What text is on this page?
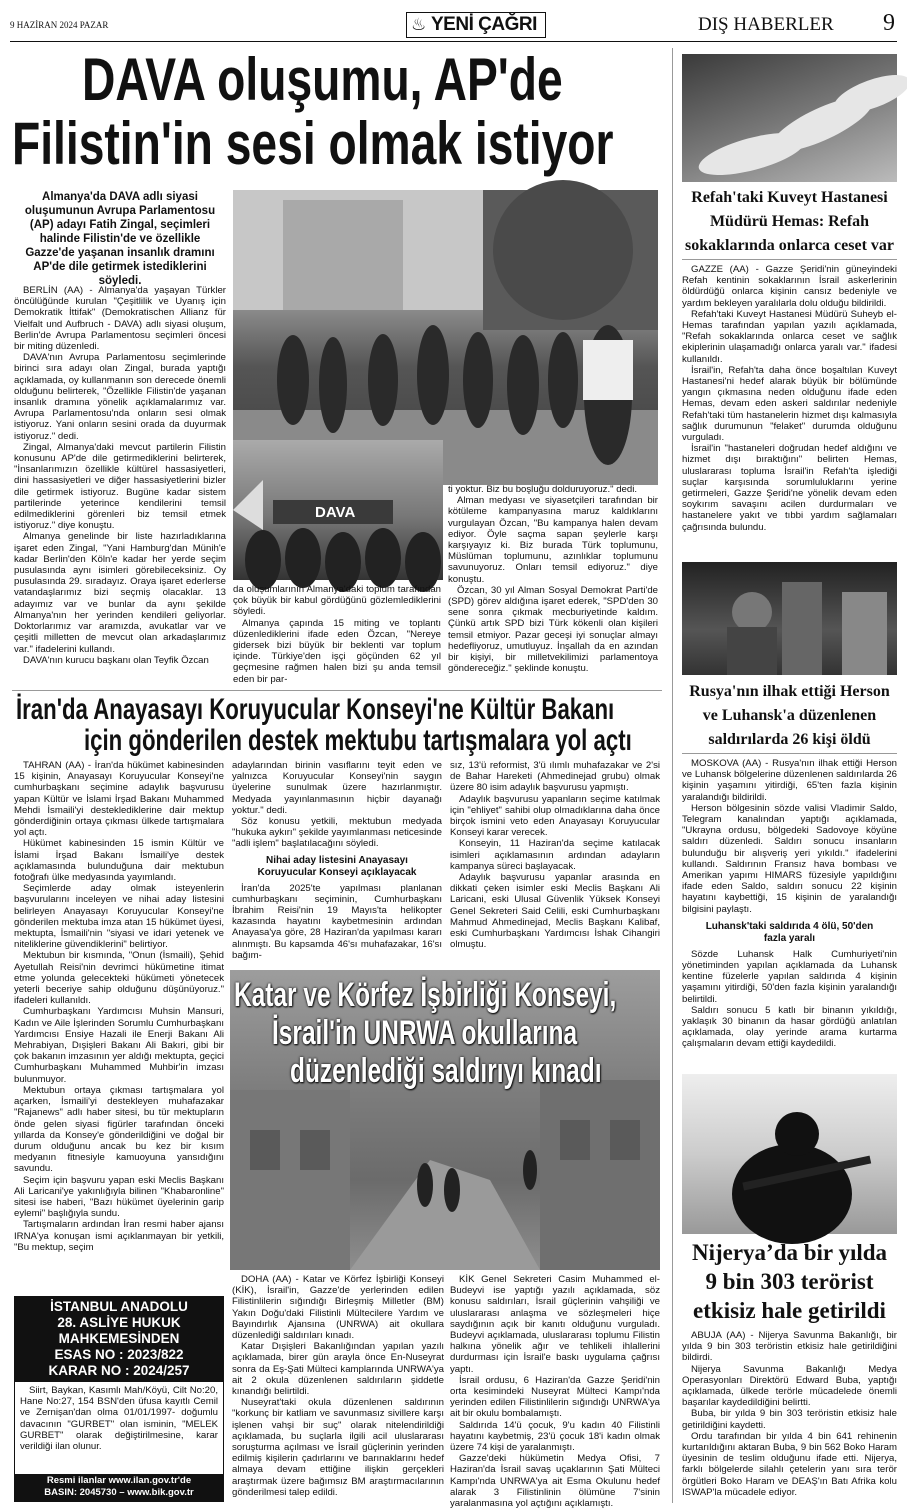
9 HAZİRAN 2024 PAZAR	♨ YENİ ÇAĞRI	DIŞ HABERLER 9
DAVA oluşumu, AP'de
Filistin'in sesi olmak istiyor
Almanya'da DAVA adlı siyasi oluşumunun Avrupa Parlamentosu (AP) adayı Fatih Zingal, seçimleri halinde Filistin'de ve özellikle Gazze'de yaşanan insanlık dramını AP'de dile getirmek istediklerini söyledi.

BERLİN (AA) - Almanya'da yaşayan Türkler öncülüğünde kurulan "Çeşitlilik ve Uyanış için Demokratik İttifak" (Demokratischen Allianz für Vielfalt und Aufbruch - DAVA) adlı siyasi oluşum, Berlin'de Avrupa Parlamentosu seçimleri öncesi bir miting düzenledi.

DAVA'nın Avrupa Parlamentosu seçimlerinde birinci sıra adayı olan Zingal, burada yaptığı açıklamada, oy kullanmanın son derecede önemli olduğunu belirterek, "Özellikle Filistin'de yaşanan insanlık dramına yönelik açıklamalarımız var. Avrupa Parlamentosu'nda onların sesi olmak istiyoruz. Yani onların sesini orada da duyurmak istiyoruz." dedi.

Zingal, Almanya'daki mevcut partilerin Filistin konusunu AP'de dile getirmediklerini belirterek, "İnsanlarımızın özellikle kültürel hassasiyetleri, dini hassasiyetleri ve diğer hassasiyetlerini bizler dile getirmek istiyoruz. Bugüne kadar sistem partilerinde yeterince kendilerini temsil edilmediklerini görenleri biz temsil etmek istiyoruz." diye konuştu.

Almanya genelinde bir liste hazırladıklarına işaret eden Zingal, "Yani Hamburg'dan Münih'e kadar Berlin'den Köln'e kadar her yerde seçim pusulasında aynı isimleri görebileceksiniz. Oy pusulasında 29. sıradayız. Oraya işaret ederlerse vatandaşlarımız bizi seçmiş olacaklar. 13 adayımız var ve bunlar da aynı şekilde Almanya'nın her yerinden kendileri geliyorlar. Doktorlarımız var aramızda, avukatlar var ve çeşitli milletten de mevcut olan arkadaşlarımız var." ifadelerini kullandı.

DAVA'nın kurucu başkanı olan Teyfik Özcan

DAVA

da oluşumlarının Almanya'daki toplum tarafından çok büyük bir kabul gördüğünü gözlemlediklerini söyledi.

Almanya çapında 15 miting ve toplantı düzenlediklerini ifade eden Özcan, "Nereye gidersek bizi büyük bir beklenti var toplum içinde. Türkiye'den işçi göçünden 62 yıl geçmesine rağmen halen bizi şu anda temsil eden bir par-

ti yoktur. Biz bu boşluğu dolduruyoruz." dedi.

Alman medyası ve siyasetçileri tarafından bir kötüleme kampanyasına maruz kaldıklarını vurgulayan Özcan, "Bu kampanya halen devam ediyor. Öyle saçma sapan şeylerle karşı karşıyayız ki. Biz burada Türk toplumunu, Müslüman toplumunu, azınlıklar toplumunu savunuyoruz. Onları temsil ediyoruz." diye konuştu.

Özcan, 30 yıl Alman Sosyal Demokrat Parti'de (SPD) görev aldığına işaret ederek, "SPD'den 30 sene sonra çıkmak mecburiyetinde kaldım. Çünkü artık SPD bizi Türk kökenli olan kişileri temsil etmiyor. Pazar geceşi iyi sonuçlar almayı hedefliyoruz, umutluyuz. İnşallah da en azından bir kişiyi, bir milletvekilimizi parlamentoya göndereceğiz." şeklinde konuştu.

İran'da Anayasayı Koruyucular Konseyi'ne Kültür Bakanı
için gönderilen destek mektubu tartışmalara yol açtı

TAHRAN (AA) - İran'da hükümet kabinesinden 15 kişinin, Anayasayı Koruyucular Konseyi'ne cumhurbaşkanı seçimine adaylık başvurusu yapan Kültür ve İslami İrşad Bakanı Muhammed Mehdi İsmaili'yi desteklediklerine dair mektup gönderdiğinin ortaya çıkması ülkede tartışmalara yol açtı.

Hükümet kabinesinden 15 ismin Kültür ve İslami İrşad Bakanı İsmaili'ye destek açıklamasında bulunduğuna dair mektubun fotoğrafı ülke medyasında yayımlandı.

Seçimlerde aday olmak isteyenlerin başvurularını inceleyen ve nihai aday listesini belirleyen Anayasayı Koruyucular Konseyi'ne gönderilen mektuba imza atan 15 hükümet üyesi, mektupta, İsmaili'nin "siyasi ve idari yetenek ve niteliklerine güvendiklerini" belirtiyor.

Mektubun bir kısmında, "Onun (İsmaili), Şehid Ayetullah Reisi'nin devrimci hükümetine itimat etme yolunda gelecekteki hükümeti yönetecek yeterli beceriye sahip olduğunu düşünüyoruz." ifadeleri kullanıldı.

Cumhurbaşkanı Yardımcısı Muhsin Mansuri, Kadın ve Aile İşlerinden Sorumlu Cumhurbaşkanı Yardımcısı Ensiye Hazali ile Enerji Bakanı Ali Mehrabiyan, Dışişleri Bakanı Ali Bakıri, gibi bir çok bakanın imzasının yer aldığı mektupta, geçici Cumhurbaşkanı Muhammed Muhbir'in imzası bulunmuyor.

Mektubun ortaya çıkması tartışmalara yol açarken, İsmaili'yi destekleyen muhafazakar "Rajanews" adlı haber sitesi, bu tür mektupların önde gelen siyasi figürler tarafından önceki yıllarda da Konsey'e gönderildiğini ve doğal bir durum olduğunu ancak bu kez bir kısım medyanın fitnesiyle kamuoyuna yansıdığını savundu.

Seçim için başvuru yapan eski Meclis Başkanı Ali Laricani'ye yakınlığıyla bilinen "Khabaronline" sitesi ise haberi, "Bazı hükümet üyelerinin garip eylemi" başlığıyla sundu.

Tartışmaların ardından İran resmi haber ajansı IRNA'ya konuşan ismi açıklanmayan bir yetkili, "Bu mektup, seçim

adaylarından birinin vasıflarını teyit eden ve yalnızca Koruyucular Konseyi'nin saygın üyelerine sunulmak üzere hazırlanmıştır. Medyada yayınlanmasının hiçbir dayanağı yoktur." dedi.

Söz konusu yetkili, mektubun medyada "hukuka aykırı" şekilde yayımlanması neticesinde "adli işlem" başlatılacağını söyledi.

Nihai aday listesini Anayasayı Koruyucular Konseyi açıklayacak

İran'da 2025'te yapılması planlanan cumhurbaşkanı seçiminin, Cumhurbaşkanı İbrahim Reisi'nin 19 Mayıs'ta helikopter kazasında hayatını kaybetmesinin ardından Anayasa'ya göre, 28 Haziran'da yapılması kararı alınmıştı. Bu kapsamda 46'sı muhafazakar, 16'sı bağım-

sız, 13'ü reformist, 3'ü ılımlı muhafazakar ve 2'si de Bahar Hareketi (Ahmedinejad grubu) olmak üzere 80 isim adaylık başvurusu yapmıştı.

Adaylık başvurusu yapanların seçime katılmak için "ehliyet" sahibi olup olmadıklarına daha önce birçok ismini veto eden Anayasayı Koruyucular Konseyi karar verecek.

Konseyin, 11 Haziran'da seçime katılacak isimleri açıklamasının ardından adayların kampanya süreci başlayacak.

Adaylık başvurusu yapanlar arasında en dikkati çeken isimler eski Meclis Başkanı Ali Laricani, eski Ulusal Güvenlik Yüksek Konseyi Genel Sekreteri Said Celili, eski Cumhurbaşkanı Mahmud Ahmedinejad, Meclis Başkanı Kalibaf, eski Cumhurbaşkanı Yardımcısı İshak Cihangiri olmuştu.

Katar ve Körfez İşbirliği Konseyi,
İsrail'in UNRWA okullarına
düzenlediği saldırıyı kınadı

DOHA (AA) - Katar ve Körfez İşbirliği Konseyi (KİK), İsrail'in, Gazze'de yerlerinden edilen Filistinlilerin sığındığı Birleşmiş Milletler (BM) Yakın Doğu'daki Filistinli Mültecilere Yardım ve Bayındırlık Ajansına (UNRWA) ait okullara düzenlediği saldırıları kınadı.

Katar Dışişleri Bakanlığından yapılan yazılı açıklamada, birer gün arayla önce En-Nuseyrat sonra da Eş-Şati Mülteci kamplarında UNRWA'ya ait 2 okula düzenlenen saldırıların şiddetle kınandığı belirtildi.

Nuseyrat'taki okula düzenlenen saldırının "korkunç bir katliam ve savunmasız sivillere karşı işlenen vahşi bir suç" olarak nitelendirildiği açıklamada, bu suçlarla ilgili acil uluslararası soruşturma açılması ve İsrail güçlerinin yerinden edilmiş kişilerin çadırlarını ve barınaklarını hedef almaya devam ettiğine ilişkin gerçekleri araştırmak üzere bağımsız BM araştırmacılarının gönderilmesi talep edildi.

KİK Genel Sekreteri Casim Muhammed el-Budeyvi ise yaptığı yazılı açıklamada, söz konusu saldırıları, İsrail güçlerinin vahşiliği ve uluslararası anlaşma ve sözleşmeleri hiçe saydığının açık bir kanıtı olduğunu vurguladı. Budeyvi açıklamada, uluslararası toplumu Filistin halkına yönelik ağır ve tehlikeli ihlallerini durdurması için İsrail'e baskı uygulama çağrısı yaptı.

İsrail ordusu, 6 Haziran'da Gazze Şeridi'nin orta kesimindeki Nuseyrat Mülteci Kampı'nda yerinden edilen Filistinlilerin sığındığı UNRWA'ya ait bir okulu bombalamıştı.

Saldırıda 14'ü çocuk, 9'u kadın 40 Filistinli hayatını kaybetmiş, 23'ü çocuk 18'i kadın olmak üzere 74 kişi de yaralanmıştı.

Gazze'deki hükümetin Medya Ofisi, 7 Haziran'da İsrail savaş uçaklarının Şati Mülteci Kampı'nda UNRWA'ya ait Esma Okulunu hedef alarak 3 Filistinlinin ölümüne 7'sinin yaralanmasına yol açtığını açıklamıştı.

İSTANBUL ANADOLU
28. ASLİYE HUKUK
MAHKEMESİNDEN
ESAS NO : 2023/822
KARAR NO : 2024/257

Siirt, Baykan, Kasımlı Mah/Köyü, Cilt No:20, Hane No:27, 154 BSN'den üfusa kayıtlı Cemil ve Zernişan'dan olma 01/01/1997- doğumlu davacının "GURBET" olan isminin, "MELEK GURBET" olarak değiştirilmesine, karar verildiği ilan olunur.

Resmi ilanlar www.ilan.gov.tr'de
BASIN: 2045730 – www.bik.gov.tr
Refah'taki Kuveyt Hastanesi Müdürü Hemas: Refah sokaklarında onlarca ceset var

GAZZE (AA) - Gazze Şeridi'nin güneyindeki Refah kentinin sokaklarının İsrail askerlerinin öldürdüğü onlarca kişinin cansız bedeniyle ve yardım bekleyen yaralılarla dolu olduğu bildirildi.

Refah'taki Kuveyt Hastanesi Müdürü Suheyb el-Hemas tarafından yapılan yazılı açıklamada, "Refah sokaklarında onlarca ceset ve sağlık ekiplerinin ulaşamadığı onlarca yaralı var." ifadesi kullanıldı.

İsrail'in, Refah'ta daha önce boşaltılan Kuveyt Hastanesi'ni hedef alarak büyük bir bölümünde yangın çıkmasına neden olduğunu ifade eden Hemas, devam eden askeri saldırılar nedeniyle Refah'taki tüm hastanelerin hizmet dışı kalmasıyla sağlık durumunun "felaket" durumda olduğunu vurguladı.

İsrail'in "hastaneleri doğrudan hedef aldığını ve hizmet dışı bıraktığını" belirten Hemas, uluslararası topluma İsrail'in Refah'ta işlediği suçlar karşısında sorumluluklarını yerine getirmeleri, Gazze Şeridi'ne yönelik devam eden soykırım savaşını acilen durdurmaları ve hastanelere yakıt ve tıbbi yardım sağlamaları çağrısında bulundu.

Rusya'nın ilhak ettiği Herson ve Luhansk'a düzenlenen saldırılarda 26 kişi öldü

MOSKOVA (AA) - Rusya'nın ilhak ettiği Herson ve Luhansk bölgelerine düzenlenen saldırılarda 26 kişinin yaşamını yitirdiği, 65'ten fazla kişinin yaralandığı bildirildi.

Herson bölgesinin sözde valisi Vladimir Saldo, Telegram kanalından yaptığı açıklamada, "Ukrayna ordusu, bölgedeki Sadovoye köyüne saldırı düzenledi. Saldırı sonucu insanların bulunduğu bir alışveriş yeri yıkıldı." ifadelerini kullandı. Saldırının Fransız hava bombası ve Amerikan yapımı HIMARS füzesiyle yapıldığını ifade eden Saldo, saldırı sonucu 22 kişinin hayatını kaybettiği, 15 kişinin de yaralandığı bilgisini paylaştı.

Luhansk'taki saldırıda 4 ölü, 50'den fazla yaralı

Sözde Luhansk Halk Cumhuriyeti'nin yönetiminden yapılan açıklamada da Luhansk kentine füzelerle yapılan saldırıda 4 kişinin yaşamını yitirdiği, 50'den fazla kişinin yaralandığı belirtildi.

Saldırı sonucu 5 katlı bir binanın yıkıldığı, yaklaşık 30 binanın da hasar gördüğü anlatılan açıklamada, olay yerinde arama kurtarma çalışmaların devam ettiği kaydedildi.

Nijerya’da bir yılda
9 bin 303 terörist
etkisiz hale getirildi

ABUJA (AA) - Nijerya Savunma Bakanlığı, bir yılda 9 bin 303 teröristin etkisiz hale getirildiğini bildirdi.

Nijerya Savunma Bakanlığı Medya Operasyonları Direktörü Edward Buba, yaptığı açıklamada, ülkede terörle mücadelede önemli başarılar kaydedildiğini belirtti.

Buba, bir yılda 9 bin 303 teröristin etkisiz hale getirildiğini kaydetti.

Ordu tarafından bir yılda 4 bin 641 rehinenin kurtarıldığını aktaran Buba, 9 bin 562 Boko Haram üyesinin de teslim olduğunu ifade etti. Nijerya, farklı bölgelerde silahlı çetelerin yanı sıra terör örgütleri Boko Haram ve DEAŞ'ın Batı Afrika kolu ISWAP'la mücadele ediyor.
